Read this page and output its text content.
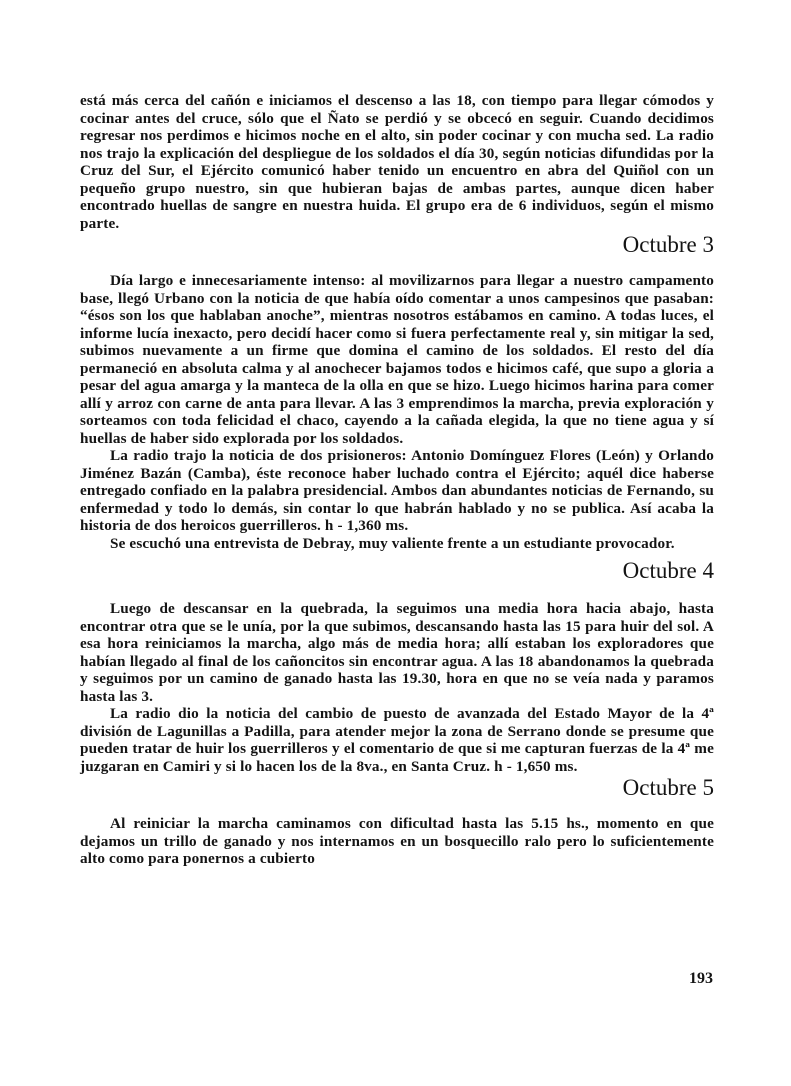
está más cerca del cañón e iniciamos el descenso a las 18, con tiempo para llegar cómodos y cocinar antes del cruce, sólo que el Ñato se perdió y se obcecó en seguir. Cuando decidimos regresar nos perdimos e hicimos noche en el alto, sin poder cocinar y con mucha sed. La radio nos trajo la explicación del despliegue de los soldados el día 30, según noticias difundidas por la Cruz del Sur, el Ejército comunicó haber tenido un encuentro en abra del Quiñol con un pequeño grupo nuestro, sin que hubieran bajas de ambas partes, aunque dicen haber encontrado huellas de sangre en nuestra huida. El grupo era de 6 individuos, según el mismo parte.

Octubre 3

Día largo e innecesariamente intenso: al movilizarnos para llegar a nuestro campamento base, llegó Urbano con la noticia de que había oído comentar a unos campesinos que pasaban: “ésos son los que hablaban anoche”, mientras nosotros estábamos en camino. A todas luces, el informe lucía inexacto, pero decidí hacer como si fuera perfectamente real y, sin mitigar la sed, subimos nuevamente a un firme que domina el camino de los soldados. El resto del día permaneció en absoluta calma y al anochecer bajamos todos e hicimos café, que supo a gloria a pesar del agua amarga y la manteca de la olla en que se hizo. Luego hicimos harina para comer allí y arroz con carne de anta para llevar. A las 3 emprendimos la marcha, previa exploración y sorteamos con toda felicidad el chaco, cayendo a la cañada elegida, la que no tiene agua y sí huellas de haber sido explorada por los soldados.

La radio trajo la noticia de dos prisioneros: Antonio Domínguez Flores (León) y Orlando Jiménez Bazán (Camba), éste reconoce haber luchado contra el Ejército; aquél dice haberse entregado confiado en la palabra presidencial. Ambos dan abundantes noticias de Fernando, su enfermedad y todo lo demás, sin contar lo que habrán hablado y no se publica. Así acaba la historia de dos heroicos guerrilleros. h - 1,360 ms.

Se escuchó una entrevista de Debray, muy valiente frente a un estudiante provocador.

Octubre 4

Luego de descansar en la quebrada, la seguimos una media hora hacia abajo, hasta encontrar otra que se le unía, por la que subimos, descansando hasta las 15 para huir del sol. A esa hora reiniciamos la marcha, algo más de media hora; allí estaban los exploradores que habían llegado al final de los cañoncitos sin encontrar agua. A las 18 abandonamos la quebrada y seguimos por un camino de ganado hasta las 19.30, hora en que no se veía nada y paramos hasta las 3.

La radio dio la noticia del cambio de puesto de avanzada del Estado Mayor de la 4ª división de Lagunillas a Padilla, para atender mejor la zona de Serrano donde se presume que pueden tratar de huir los guerrilleros y el comentario de que si me capturan fuerzas de la 4ª me juzgaran en Camiri y si lo hacen los de la 8va., en Santa Cruz. h - 1,650 ms.

Octubre 5

Al reiniciar la marcha caminamos con dificultad hasta las 5.15 hs., momento en que dejamos un trillo de ganado y nos internamos en un bosquecillo ralo pero lo suficientemente alto como para ponernos a cubierto

193
